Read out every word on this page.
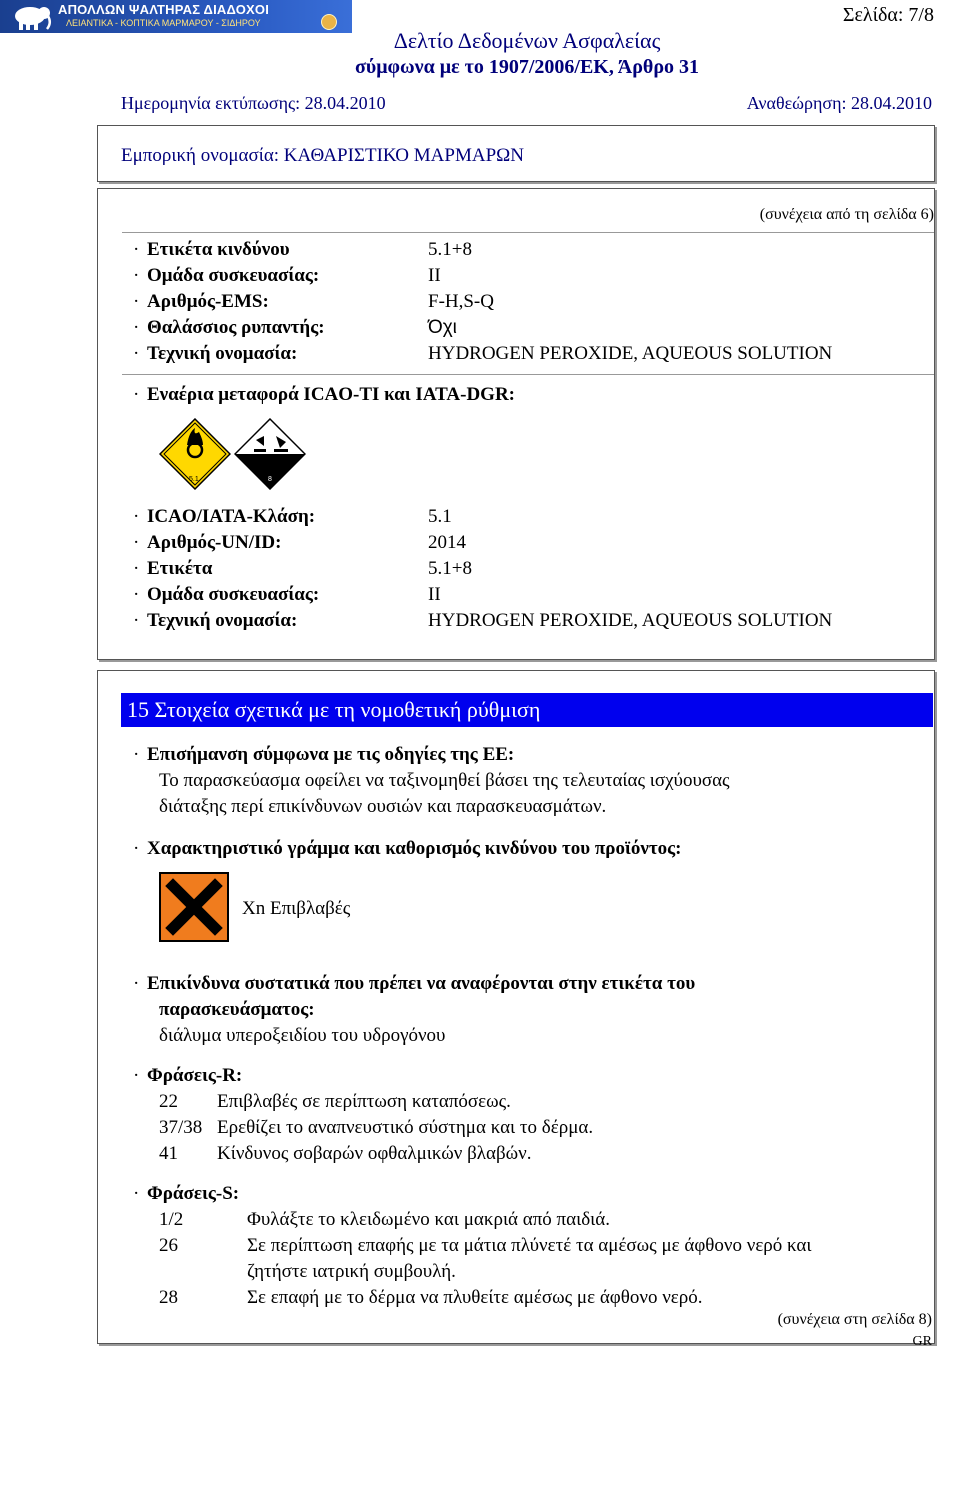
ΑΠΟΛΛΩΝ ΨΑΛΤΗΡΑΣ ΔΙΑΔΟΧΟΙ
ΛΕΙΑΝΤΙΚΑ - ΚΟΠΤΙΚΑ ΜΑΡΜΑΡΟΥ - ΣΙΔΗΡΟΥ	Σελίδα: 7/8
Δελτίο Δεδομένων Ασφαλείας
σύμφωνα με το 1907/2006/ΕΚ, Άρθρο 31
Ημερομηνία εκτύπωσης: 28.04.2010	Αναθεώρηση: 28.04.2010
Εμπορική ονομασία: ΚΑΘΑΡΙΣΤΙΚΟ ΜΑΡΜΑΡΩΝ
(συνέχεια από τη σελίδα 6)
· Ετικέτα κινδύνου	5.1+8
· Ομάδα συσκευασίας:	II
· Αριθμός-EMS:	F-H,S-Q
· Θαλάσσιος ρυπαντής:	Όχι
· Τεχνική ονομασία:	HYDROGEN PEROXIDE, AQUEOUS SOLUTION
· Εναέρια μεταφορά ICAO-TI και IATA-DGR:
5.1	8
· ICAO/IATA-Κλάση:	5.1
· Αριθμός-UN/ID:	2014
· Ετικέτα	5.1+8
· Ομάδα συσκευασίας:	II
· Τεχνική ονομασία:	HYDROGEN PEROXIDE, AQUEOUS SOLUTION
15 Στοιχεία σχετικά με τη νομοθετική ρύθμιση
· Επισήμανση σύμφωνα με τις οδηγίες της ΕΕ:
Το παρασκεύασμα οφείλει να ταξινομηθεί βάσει της τελευταίας ισχύουσας
διάταξης περί επικίνδυνων ουσιών και παρασκευασμάτων.
· Χαρακτηριστικό γράμμα και καθορισμός κινδύνου του προϊόντος:
Xn Επιβλαβές
· Επικίνδυνα συστατικά που πρέπει να αναφέρονται στην ετικέτα του
παρασκευάσματος:
διάλυμα υπεροξειδίου του υδρογόνου
· Φράσεις-R:
22 Επιβλαβές σε περίπτωση καταπόσεως.
37/38 Ερεθίζει το αναπνευστικό σύστημα και το δέρμα.
41 Κίνδυνος σοβαρών οφθαλμικών βλαβών.
· Φράσεις-S:
1/2	Φυλάξτε το κλειδωμένο και μακριά από παιδιά.
26	Σε περίπτωση επαφής με τα μάτια πλύνετέ τα αμέσως με άφθονο νερό και
ζητήστε ιατρική συμβουλή.
28	Σε επαφή με το δέρμα να πλυθείτε αμέσως με άφθονο νερό.
(συνέχεια στη σελίδα 8)
GR
